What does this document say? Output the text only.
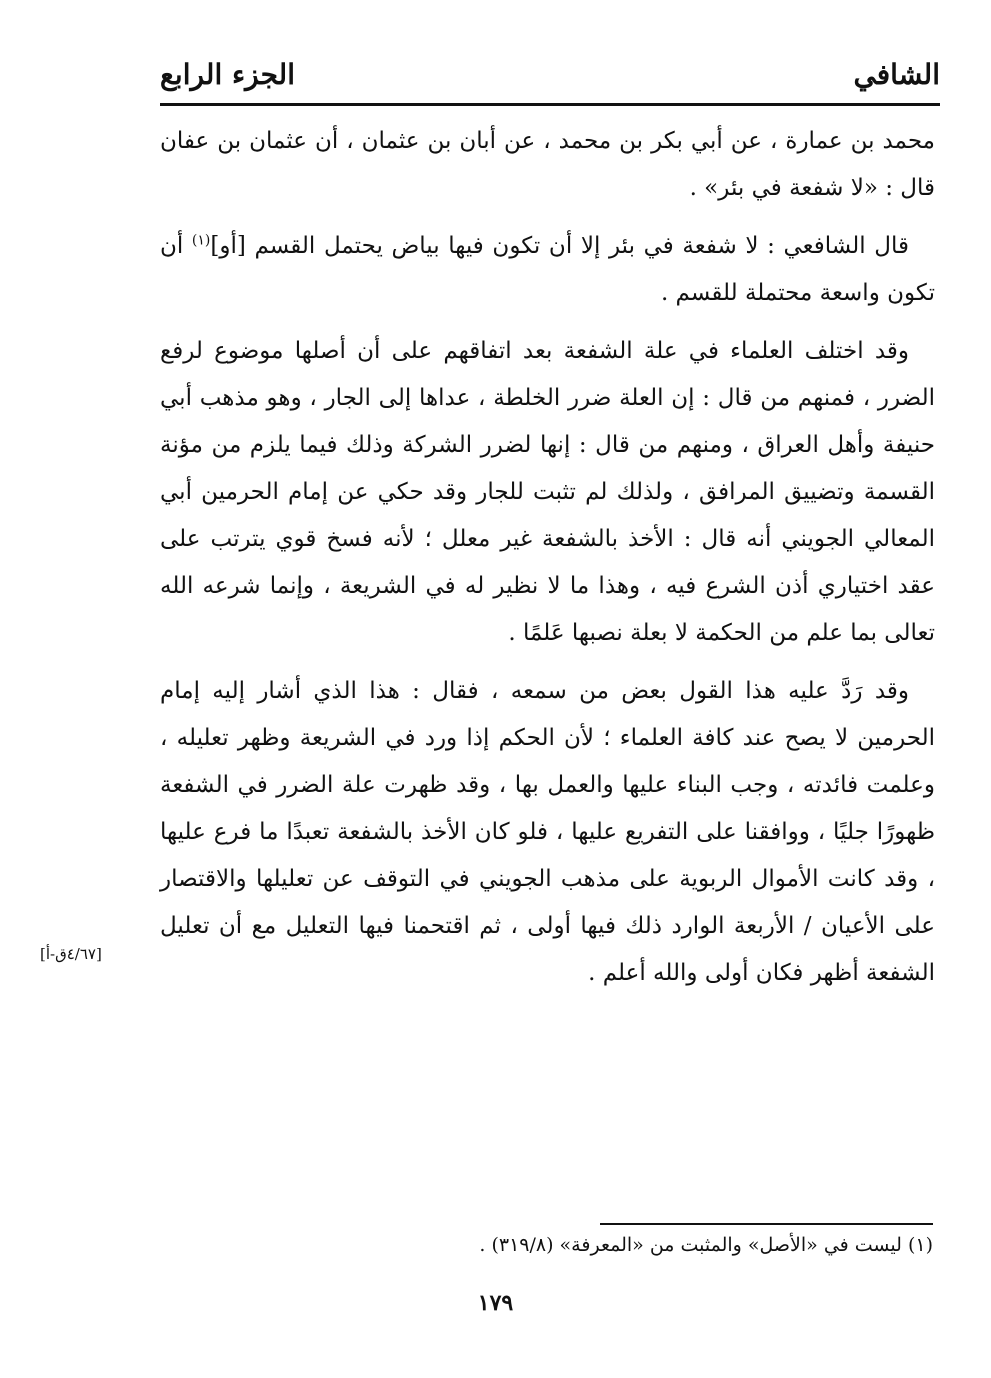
الشافي
الجزء الرابع

محمد بن عمارة ، عن أبي بكر بن محمد ، عن أبان بن عثمان ، أن عثمان بن عفان قال : «لا شفعة في بئر» .

قال الشافعي : لا شفعة في بئر إلا أن تكون فيها بياض يحتمل القسم [أو]$^{(١)}$ أن تكون واسعة محتملة للقسم .

وقد اختلف العلماء في علة الشفعة بعد اتفاقهم على أن أصلها موضوع لرفع الضرر ، فمنهم من قال : إن العلة ضرر الخلطة ، عداها إلى الجار ، وهو مذهب أبي حنيفة وأهل العراق ، ومنهم من قال : إنها لضرر الشركة وذلك فيما يلزم من مؤنة القسمة وتضييق المرافق ، ولذلك لم تثبت للجار وقد حكي عن إمام الحرمين أبي المعالي الجويني أنه قال : الأخذ بالشفعة غير معلل ؛ لأنه فسخ قوي يترتب على عقد اختياري أذن الشرع فيه ، وهذا ما لا نظير له في الشريعة ، وإنما شرعه الله تعالى بما علم من الحكمة لا بعلة نصبها عَلمًا .

وقد رَدَّ عليه هذا القول بعض من سمعه ، فقال : هذا الذي أشار إليه إمام الحرمين لا يصح عند كافة العلماء ؛ لأن الحكم إذا ورد في الشريعة وظهر تعليله ، وعلمت فائدته ، وجب البناء عليها والعمل بها ، وقد ظهرت علة الضرر في الشفعة ظهورًا جليًا ، ووافقنا على التفريع عليها ، فلو كان الأخذ بالشفعة تعبدًا ما فرع عليها ، وقد كانت الأموال الربوية على مذهب الجويني في التوقف عن تعليلها والاقتصار على الأعيان / الأربعة الوارد ذلك فيها أولى ، ثم اقتحمنا فيها التعليل مع أن تعليل الشفعة أظهر فكان أولى والله أعلم .

[٤/٦٧ق-أ]
(١) ليست في «الأصل» والمثبت من «المعرفة» (٣١٩/٨) .
١٧٩
